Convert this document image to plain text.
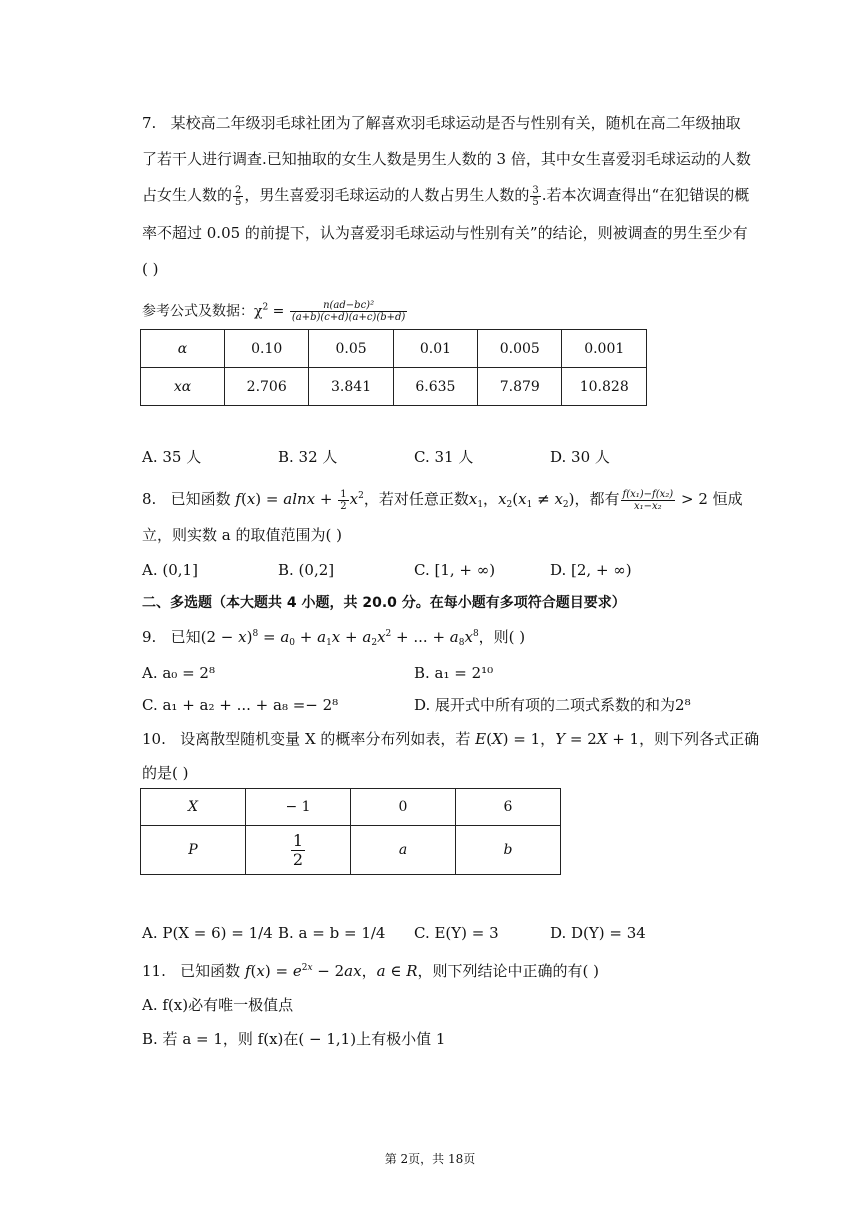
7. 某校高二年级羽毛球社团为了解喜欢羽毛球运动是否与性别有关，随机在高二年级抽取
了若干人进行调查.已知抽取的女生人数是男生人数的 3 倍，其中女生喜爱羽毛球运动的人数
占女生人数的 $\frac{2}{5}$ ，男生喜爱羽毛球运动的人数占男生人数的 $\frac{3}{5}$ .若本次调查得出“在犯错误的概
率不超过 0.05 的前提下，认为喜爱羽毛球运动与性别有关”的结论，则被调查的男生至少有
( )
参考公式及数据：$\chi^2 = \frac{\text{n(ad−bc)²}}{(a+b)(c+d)(a+c)(b+d)}$
α	0.10	0.05	0.01	0.005	0.001
xα	2.706	3.841	6.635	7.879	10.828
A. 35 人	B. 32 人	C. 31 人	D. 30 人
8. 已知函数 $f(x) = alnx + \frac{1}{2} x^2$，若对任意正数$x_1$，$x_2(x_1 \ne x_2)$，都有 $\frac{\text{f(x₁)−f(x₂)}}{\text{x₁−x₂}} > 2$ 恒成
立，则实数 a 的取值范围为( )
A. (0,1]	B. (0,2]	C. [1, + ∞)	D. [2, + ∞)
二、多选题（本大题共 4 小题，共 20.0 分。在每小题有多项符合题目要求）
9. 已知$(2 - x)^8 = a_0 + a_1x + a_2x^2$ + ... + $a_8x^8$，则( )
A. a₀ = 2⁸	B. a₁ = 2¹⁰
C. a₁ + a₂ + ... + a₈ =− 2⁸	D. 展开式中所有项的二项式系数的和为2⁸
10. 设离散型随机变量 X 的概率分布列如表，若 E(X) = 1，Y = 2X + 1，则下列各式正确
的是( )
X	− 1	0	6
P	$\frac{1}{2}$	a	b
A. P(X = 6) = 1/4 B. a = b = 1/4 C. E(Y) = 3	D. D(Y) = 34
11. 已知函数 $f(x) = e^{2x} - 2ax$，a ∈ R，则下列结论中正确的有( )
A. f(x)必有唯一极值点
B. 若 a = 1，则 f(x)在( − 1,1)上有极小值 1
第 2页，共 18页
